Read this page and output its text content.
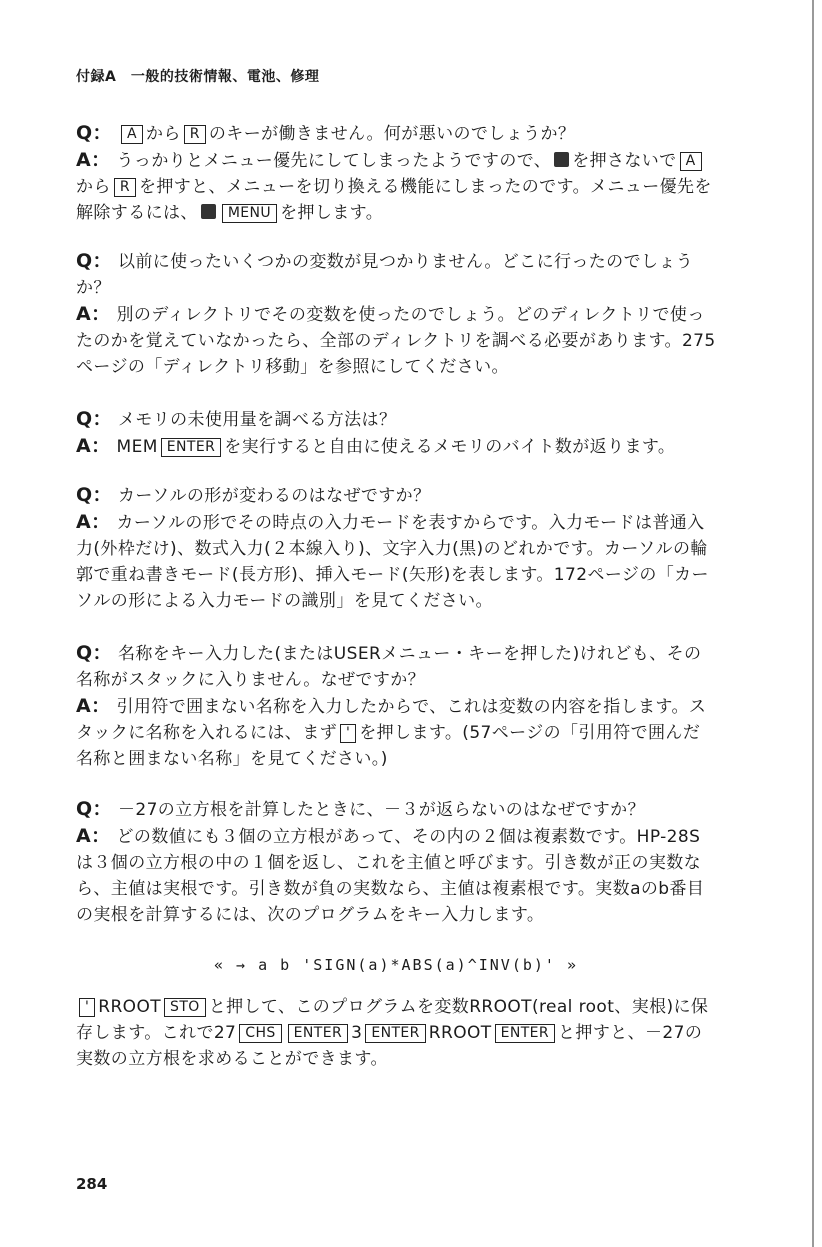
付録A　一般的技術情報、電池、修理

Q： A から R のキーが働きません。何が悪いのでしょうか？

A： うっかりとメニュー優先にしてしまったようですので、 を押さないで Aから R を押すと、メニューを切り換える機能にしまったのです。メニュー優先を解除するには、 MENU を押します。

Q： 以前に使ったいくつかの変数が見つかりません。どこに行ったのでしょうか？

A： 別のディレクトリでその変数を使ったのでしょう。どのディレクトリで使ったのかを覚えていなかったら、全部のディレクトリを調べる必要があります。275ページの「ディレクトリ移動」を参照にしてください。

Q： メモリの未使用量を調べる方法は？

A： MEM ENTER を実行すると自由に使えるメモリのバイト数が返ります。

Q： カーソルの形が変わるのはなぜですか？

A： カーソルの形でその時点の入力モードを表すからです。入力モードは普通入力(外枠だけ)、数式入力(２本線入り)、文字入力(黒)のどれかです。カーソルの輪郭で重ね書きモード(長方形)、挿入モード(矢形)を表します。172ページの「カーソルの形による入力モードの識別」を見てください。

Q： 名称をキー入力した(またはUSERメニュー・キーを押した)けれども、その名称がスタックに入りません。なぜですか？

A： 引用符で囲まない名称を入力したからで、これは変数の内容を指します。スタックに名称を入れるには、まず ' を押します。(57ページの「引用符で囲んだ名称と囲まない名称」を見てください。)

Q： －27の立方根を計算したときに、－３が返らないのはなぜですか？

A： どの数値にも３個の立方根があって、その内の２個は複素数です。HP-28Sは３個の立方根の中の１個を返し、これを主値と呼びます。引き数が正の実数なら、主値は実根です。引き数が負の実数なら、主値は複素根です。実数aのb番目の実根を計算するには、次のプログラムをキー入力します。

« → a b 'SIGN(a)*ABS(a)^INV(b)' »

' RROOT STO と押して、このプログラムを変数RROOT(real root、実根)に保存します。これで27 CHS ENTER 3 ENTER RROOT ENTER と押すと、－27の実数の立方根を求めることができます。

284
